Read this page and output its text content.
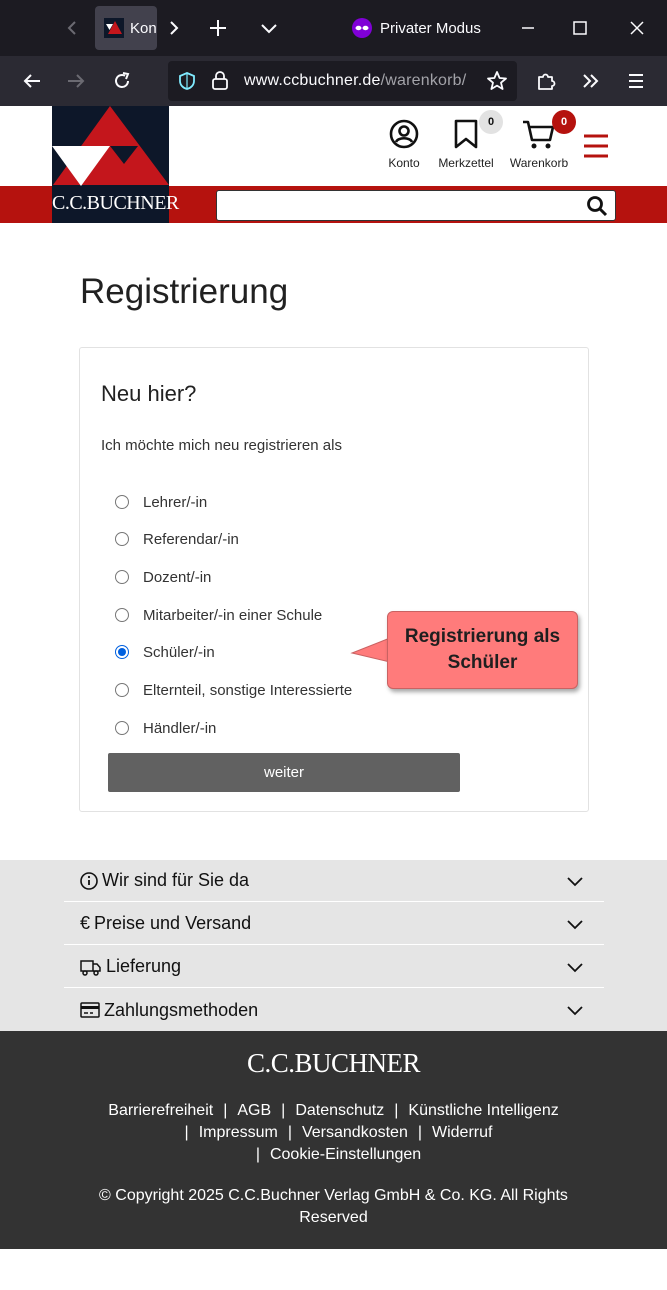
Kon	Privater Modus
www.ccbuchner.de/warenkorb/
C.C.BUCHNER
Konto Merkzettel
0
Warenkorb
0
Registrierung
Neu hier?

Ich möchte mich neu registrieren als

Lehrer/-in
Referendar/-in
Dozent/-in
Mitarbeiter/-in einer Schule
Schüler/-in
Elternteil, sonstige Interessierte
Händler/-in
weiter
Registrierung als
Schüler
Wir sind für Sie da
€ Preise und Versand
Lieferung
Zahlungsmethoden
C.C.BUCHNER
Barrierefreiheit | AGB | Datenschutz | Künstliche Intelligenz
| Impressum | Versandkosten | Widerruf
| Cookie-Einstellungen
© Copyright 2025 C.C.Buchner Verlag GmbH & Co. KG. All Rights Reserved
